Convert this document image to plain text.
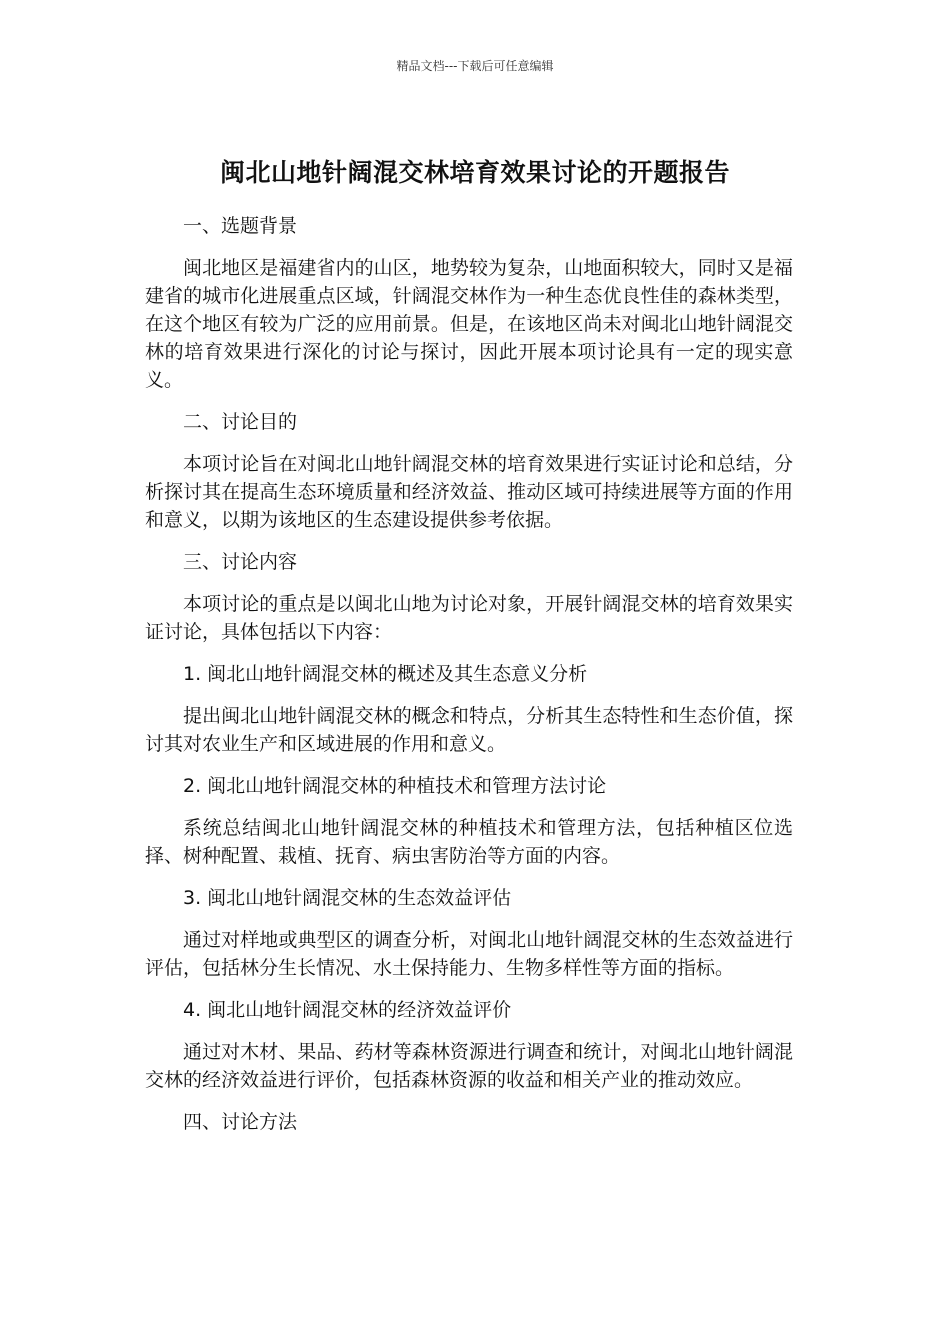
精品文档---下载后可任意编辑
闽北山地针阔混交林培育效果讨论的开题报告
一、选题背景

闽北地区是福建省内的山区，地势较为复杂，山地面积较大，同时又是福建省的城市化进展重点区域，针阔混交林作为一种生态优良性佳的森林类型，在这个地区有较为广泛的应用前景。但是，在该地区尚未对闽北山地针阔混交林的培育效果进行深化的讨论与探讨，因此开展本项讨论具有一定的现实意义。

二、讨论目的

本项讨论旨在对闽北山地针阔混交林的培育效果进行实证讨论和总结，分析探讨其在提高生态环境质量和经济效益、推动区域可持续进展等方面的作用和意义，以期为该地区的生态建设提供参考依据。

三、讨论内容

本项讨论的重点是以闽北山地为讨论对象，开展针阔混交林的培育效果实证讨论，具体包括以下内容：

1. 闽北山地针阔混交林的概述及其生态意义分析

提出闽北山地针阔混交林的概念和特点，分析其生态特性和生态价值，探讨其对农业生产和区域进展的作用和意义。

2. 闽北山地针阔混交林的种植技术和管理方法讨论

系统总结闽北山地针阔混交林的种植技术和管理方法，包括种植区位选择、树种配置、栽植、抚育、病虫害防治等方面的内容。

3. 闽北山地针阔混交林的生态效益评估

通过对样地或典型区的调查分析，对闽北山地针阔混交林的生态效益进行评估，包括林分生长情况、水土保持能力、生物多样性等方面的指标。

4. 闽北山地针阔混交林的经济效益评价

通过对木材、果品、药材等森林资源进行调查和统计，对闽北山地针阔混交林的经济效益进行评价，包括森林资源的收益和相关产业的推动效应。

四、讨论方法
